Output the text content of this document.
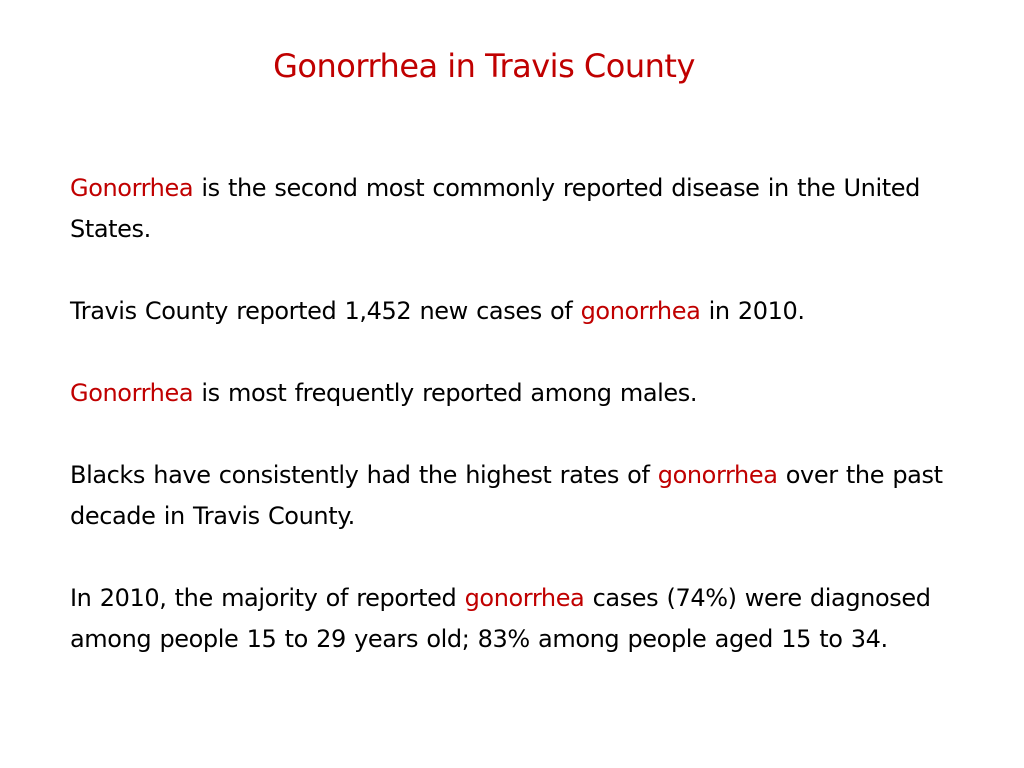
Gonorrhea in Travis County

Gonorrhea is the second most commonly reported disease in the United States.

Travis County reported 1,452 new cases of gonorrhea in 2010.

Gonorrhea is most frequently reported among males.

Blacks have consistently had the highest rates of gonorrhea over the past decade in Travis County.

In 2010, the majority of reported gonorrhea cases (74%) were diagnosed among people 15 to 29 years old; 83% among people aged 15 to 34.
